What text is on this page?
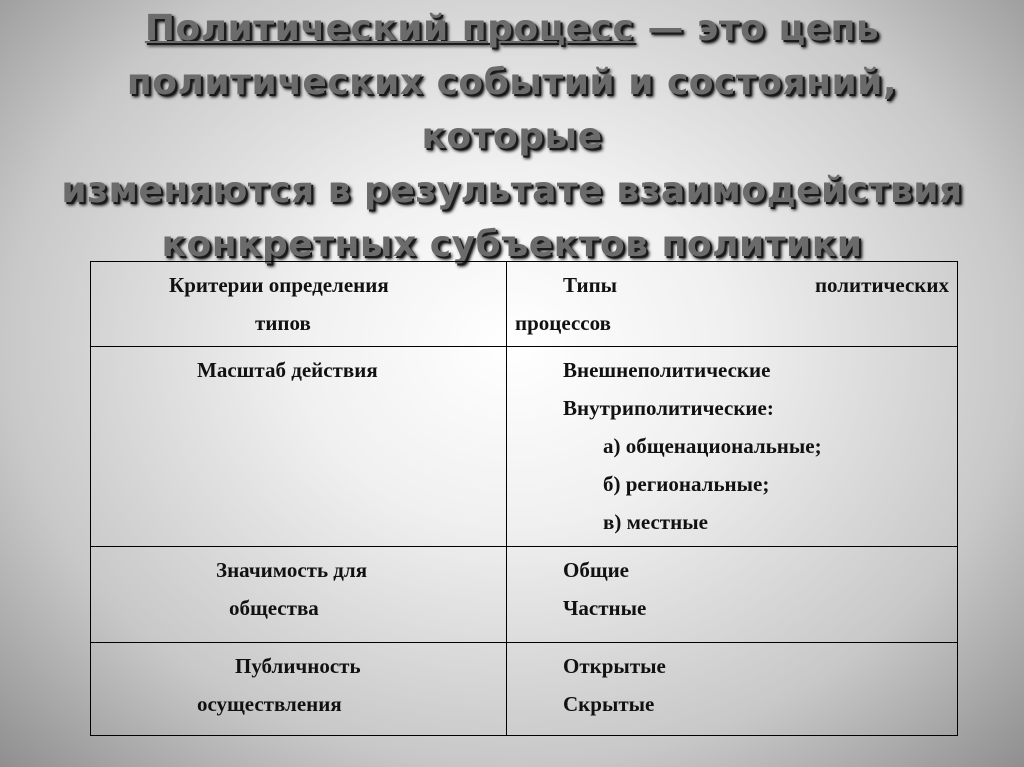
Политический процесс — это цепь
политических событий и состояний, которые
изменяются в результате взаимодействия
конкретных субъектов политики
Критерии определения
типов	Типы политических
процессов

Масштаб действия	Внешнеполитические
Внутриполитические:
а) общенациональные;
б) региональные;
в) местные

Значимость для
общества	Общие
Частные

Публичность
осуществления	Открытые
Скрытые
